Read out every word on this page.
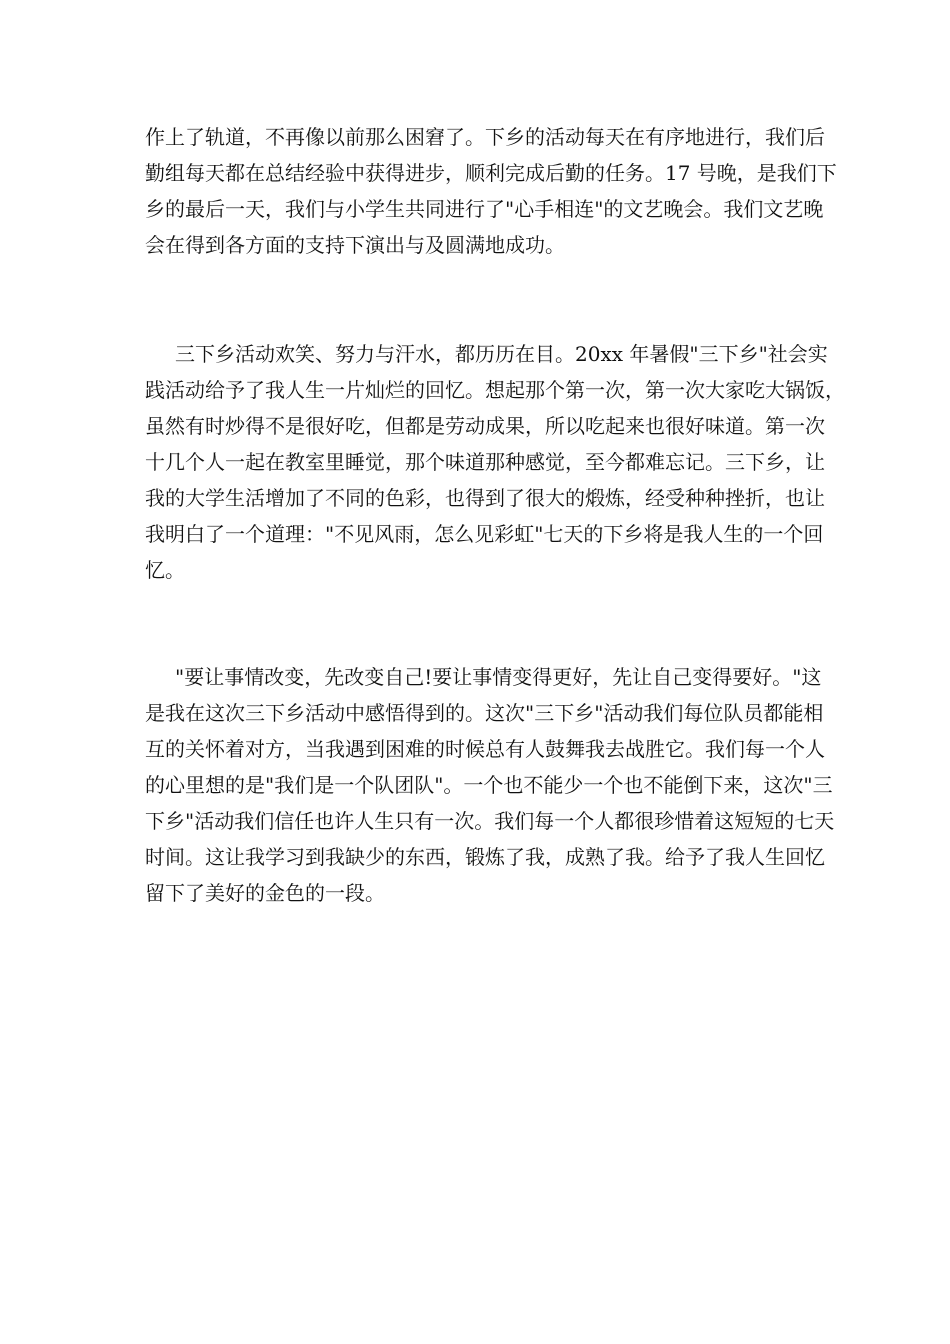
作上了轨道，不再像以前那么困窘了。下乡的活动每天在有序地进行，我们后
勤组每天都在总结经验中获得进步，顺利完成后勤的任务。17 号晚，是我们下
乡的最后一天，我们与小学生共同进行了"心手相连"的文艺晚会。我们文艺晚
会在得到各方面的支持下演出与及圆满地成功。

三下乡活动欢笑、努力与汗水，都历历在目。20xx 年暑假"三下乡"社会实
践活动给予了我人生一片灿烂的回忆。想起那个第一次，第一次大家吃大锅饭，
虽然有时炒得不是很好吃，但都是劳动成果，所以吃起来也很好味道。第一次
十几个人一起在教室里睡觉，那个味道那种感觉，至今都难忘记。三下乡，让
我的大学生活增加了不同的色彩，也得到了很大的煅炼，经受种种挫折，也让
我明白了一个道理："不见风雨，怎么见彩虹"七天的下乡将是我人生的一个回
忆。

"要让事情改变，先改变自己!要让事情变得更好，先让自己变得要好。"这
是我在这次三下乡活动中感悟得到的。这次"三下乡"活动我们每位队员都能相
互的关怀着对方，当我遇到困难的时候总有人鼓舞我去战胜它。我们每一个人
的心里想的是"我们是一个队团队"。一个也不能少一个也不能倒下来，这次"三
下乡"活动我们信任也许人生只有一次。我们每一个人都很珍惜着这短短的七天
时间。这让我学习到我缺少的东西，锻炼了我，成熟了我。给予了我人生回忆
留下了美好的金色的一段。
